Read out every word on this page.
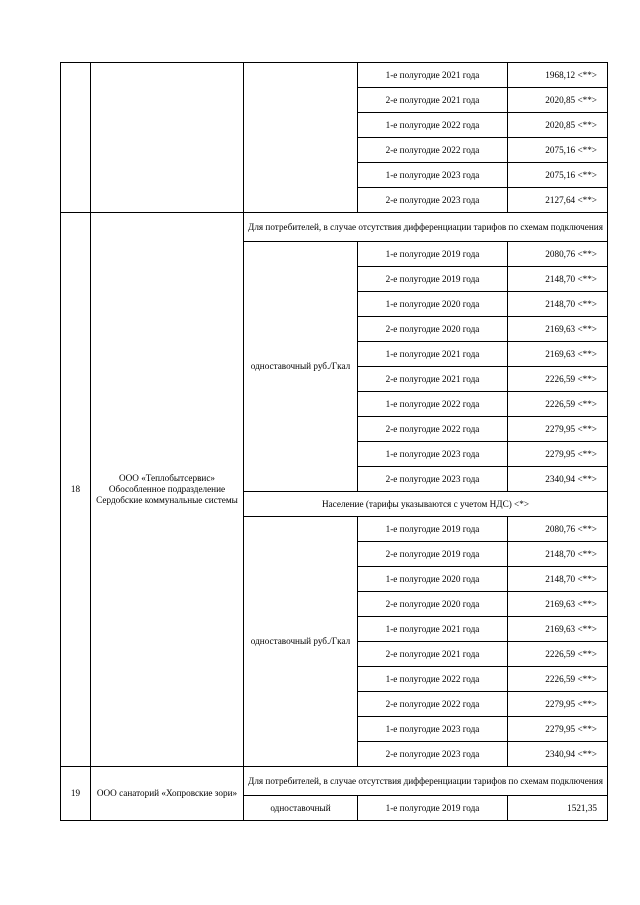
			1-е полугодие 2021 года	1968,12 <**>
			2-е полугодие 2021 года	2020,85 <**>
			1-е полугодие 2022 года	2020,85 <**>
			2-е полугодие 2022 года	2075,16 <**>
			1-е полугодие 2023 года	2075,16 <**>
			2-е полугодие 2023 года	2127,64 <**>
18	ООО «Теплобытсервис» Обособленное подразделение Сердобские коммунальные системы	Для потребителей, в случае отсутствия дифференциации тарифов по схемам подключения		
		одноставочный руб./Гкал	1-е полугодие 2019 года	2080,76 <**>
			2-е полугодие 2019 года	2148,70 <**>
			1-е полугодие 2020 года	2148,70 <**>
			2-е полугодие 2020 года	2169,63 <**>
			1-е полугодие 2021 года	2169,63 <**>
			2-е полугодие 2021 года	2226,59 <**>
			1-е полугодие 2022 года	2226,59 <**>
			2-е полугодие 2022 года	2279,95 <**>
			1-е полугодие 2023 года	2279,95 <**>
			2-е полугодие 2023 года	2340,94 <**>
		Население (тарифы указываются с учетом НДС) <*>		
		одноставочный руб./Гкал	1-е полугодие 2019 года	2080,76 <**>
			2-е полугодие 2019 года	2148,70 <**>
			1-е полугодие 2020 года	2148,70 <**>
			2-е полугодие 2020 года	2169,63 <**>
			1-е полугодие 2021 года	2169,63 <**>
			2-е полугодие 2021 года	2226,59 <**>
			1-е полугодие 2022 года	2226,59 <**>
			2-е полугодие 2022 года	2279,95 <**>
			1-е полугодие 2023 года	2279,95 <**>
			2-е полугодие 2023 года	2340,94 <**>
19	ООО санаторий «Хопровские зори»	Для потребителей, в случае отсутствия дифференциации тарифов по схемам подключения		
		одноставочный	1-е полугодие 2019 года	1521,35
